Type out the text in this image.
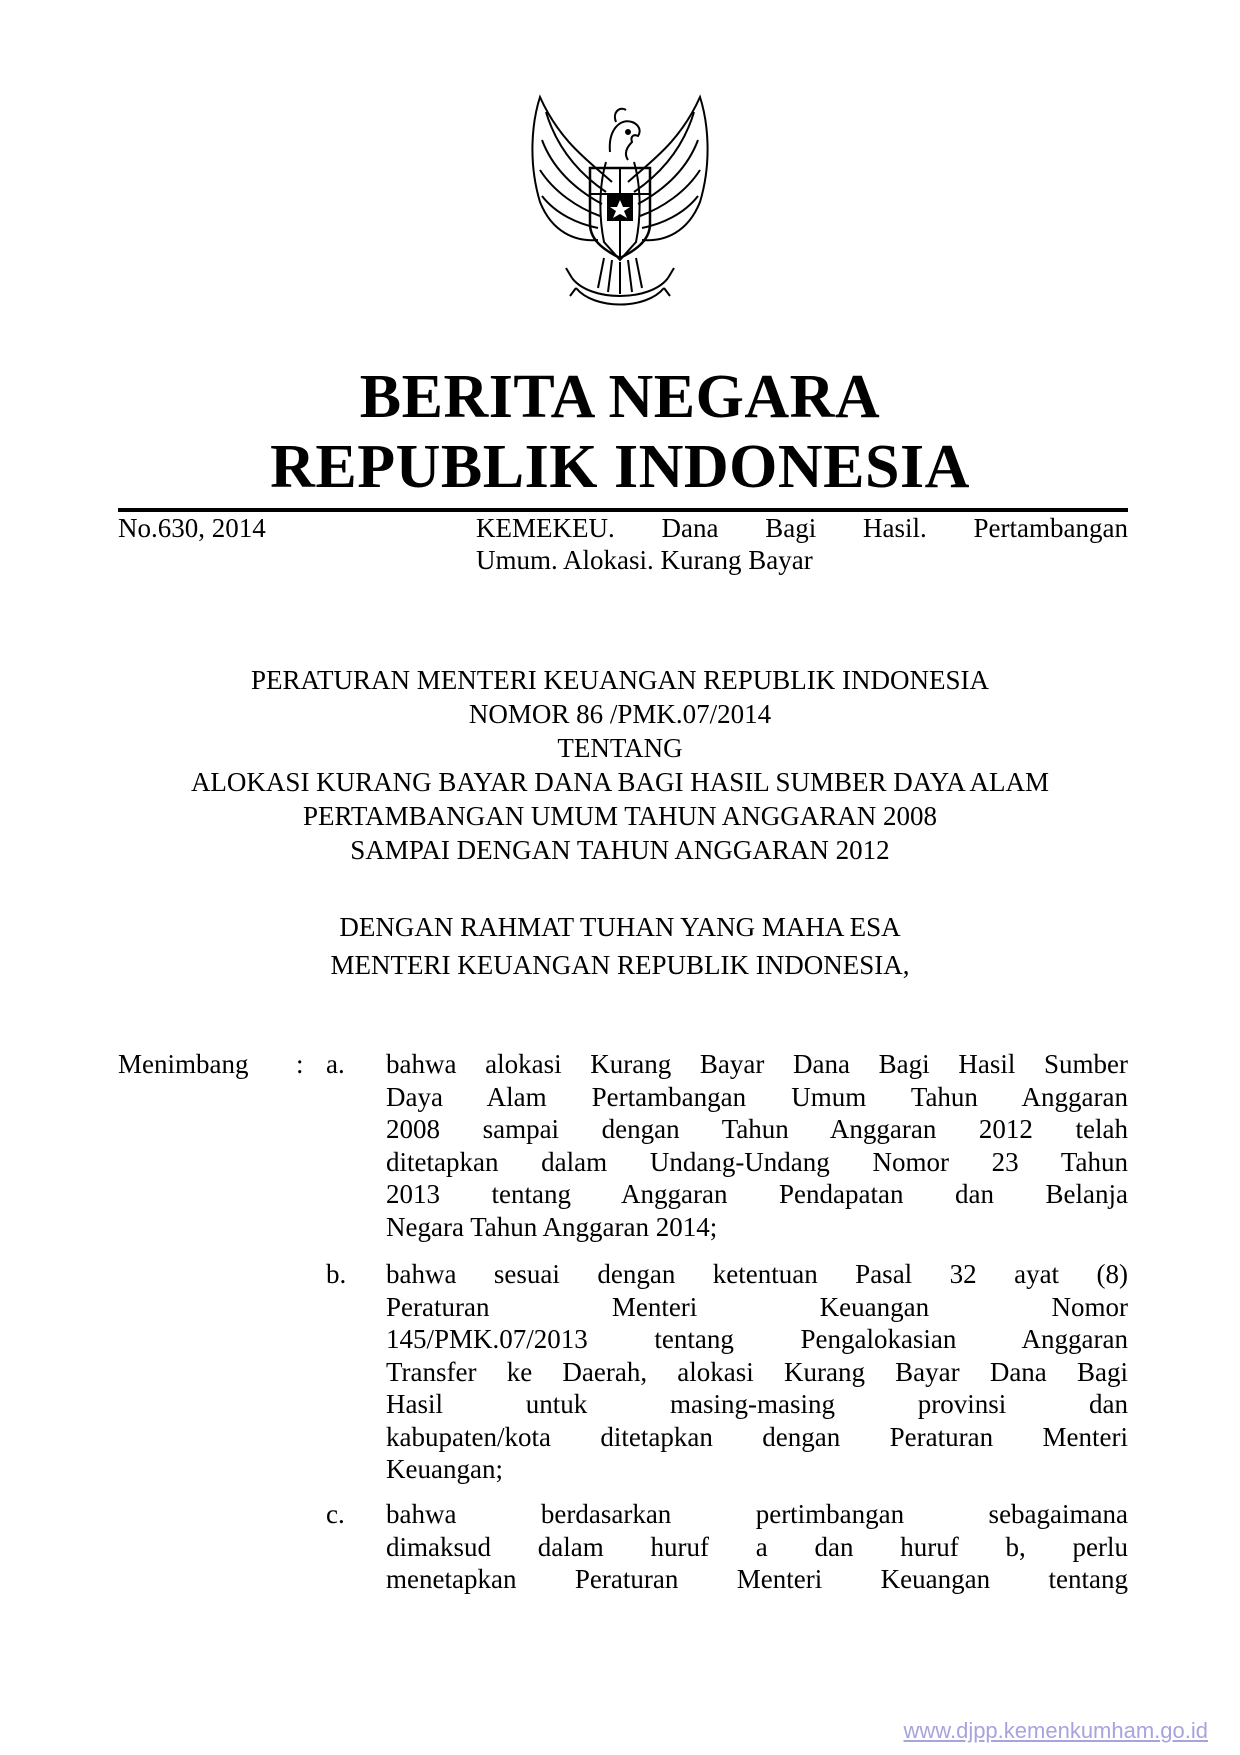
BERITA NEGARA
REPUBLIK INDONESIA
No.630, 2014	KEMEKEU. Dana Bagi Hasil. Pertambangan
Umum. Alokasi. Kurang Bayar
PERATURAN MENTERI KEUANGAN REPUBLIK INDONESIA
NOMOR 86 /PMK.07/2014
TENTANG
ALOKASI KURANG BAYAR DANA BAGI HASIL SUMBER DAYA ALAM
PERTAMBANGAN UMUM TAHUN ANGGARAN 2008
SAMPAI DENGAN TAHUN ANGGARAN 2012
DENGAN RAHMAT TUHAN YANG MAHA ESA
MENTERI KEUANGAN REPUBLIK INDONESIA,
Menimbang : a. bahwa alokasi Kurang Bayar Dana Bagi Hasil Sumber
Daya Alam Pertambangan Umum Tahun Anggaran
2008 sampai dengan Tahun Anggaran 2012 telah
ditetapkan dalam Undang-Undang Nomor 23 Tahun
2013 tentang Anggaran Pendapatan dan Belanja
Negara Tahun Anggaran 2014;
b. bahwa sesuai dengan ketentuan Pasal 32 ayat (8)
Peraturan Menteri Keuangan Nomor
145/PMK.07/2013 tentang Pengalokasian Anggaran
Transfer ke Daerah, alokasi Kurang Bayar Dana Bagi
Hasil untuk masing-masing provinsi dan
kabupaten/kota ditetapkan dengan Peraturan Menteri
Keuangan;
c. bahwa berdasarkan pertimbangan sebagaimana
dimaksud dalam huruf a dan huruf b, perlu
menetapkan Peraturan Menteri Keuangan tentang
www.djpp.kemenkumham.go.id
